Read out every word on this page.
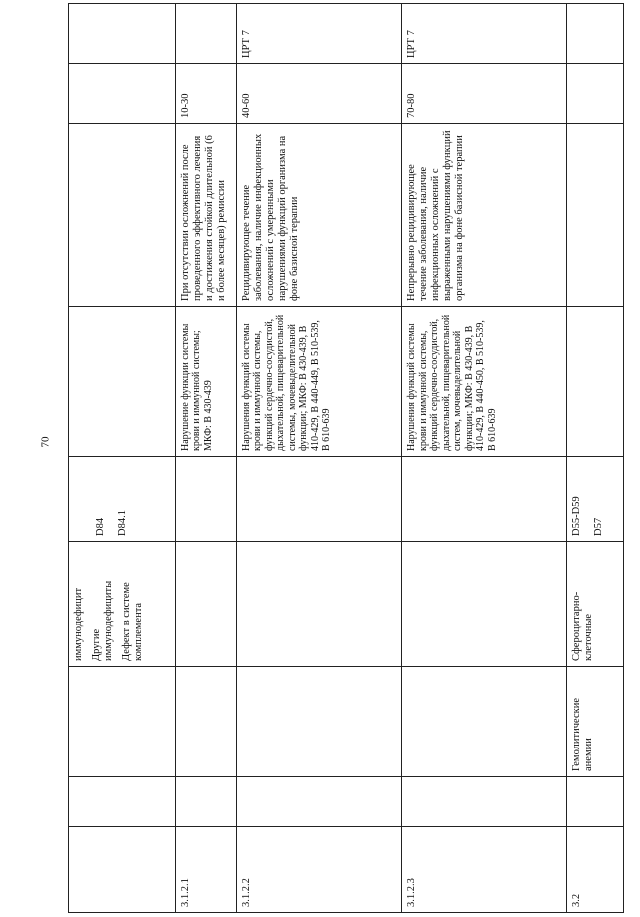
70

			иммунодефицит Другие иммунодефициты Дефект в системе комплемента	D84 D84.1				

3.1.2.1					Нарушение функции системы крови и иммунной системы; МКФ: В 430-439	При отсутствии осложнений после проведенного эффективного лечения и достижения стойкой длительной (6 и более месяцев) ремиссии	10-30	
3.1.2.2					Нарушения функций системы крови и иммунной системы, функций сердечно-сосудистой, дыхательной, пищеварительной системы, мочевыделительной функции; МКФ: В 430-439, В 410-429, В 440-449, В 510-539, В 610-639	Рецидивирующее течение заболевания, наличие инфекционных осложнений с умеренными нарушениями функций организма на фоне базисной терапии	40-60	ЦРТ 7
3.1.2.3					Нарушения функций системы крови и иммунной системы, функций сердечно-сосудистой, дыхательной, пищеварительной систем, мочевыделительной функции; МКФ: В 430-439, В 410-429, В 440-450, В 510-539, В 610-639	Непрерывно рецидивирующее течение заболевания, наличие инфекционных осложнений с выраженными нарушениями функций организма на фоне базисной терапии	70-80	ЦРТ 7
3.2		Гемолитические анемии	Сфероцитарно-клеточные	D55-D59 D57				
